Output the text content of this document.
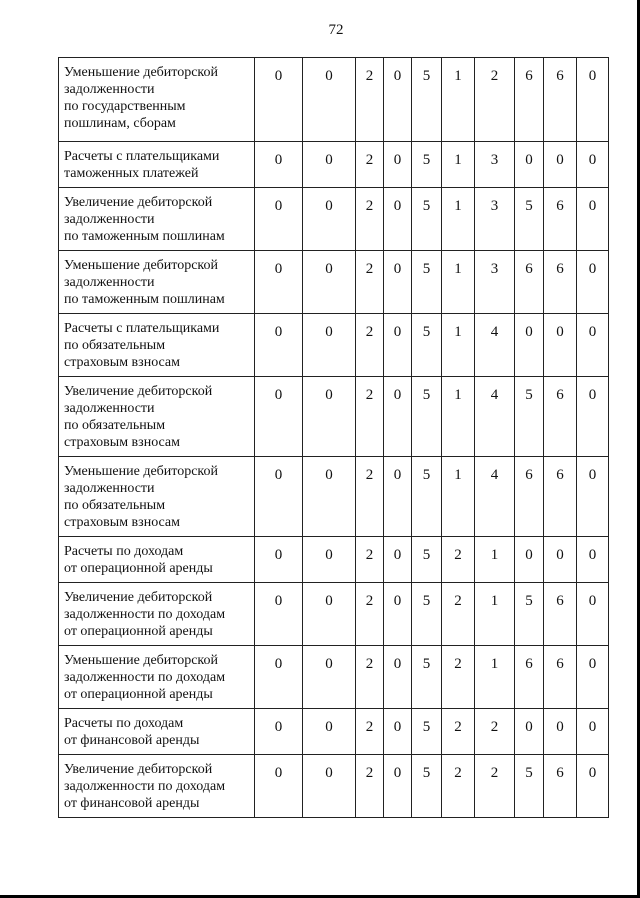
72
Уменьшение дебиторской
задолженности
по государственным
пошлинам, сборам	0	0	2	0	5	1	2	6	6	0

Расчеты с плательщиками
таможенных платежей	0	0	2	0	5	1	3	0	0	0

Увеличение дебиторской
задолженности
по таможенным пошлинам	0	0	2	0	5	1	3	5	6	0

Уменьшение дебиторской
задолженности
по таможенным пошлинам	0	0	2	0	5	1	3	6	6	0

Расчеты с плательщиками
по обязательным
страховым взносам	0	0	2	0	5	1	4	0	0	0

Увеличение дебиторской
задолженности
по обязательным
страховым взносам	0	0	2	0	5	1	4	5	6	0

Уменьшение дебиторской
задолженности
по обязательным
страховым взносам	0	0	2	0	5	1	4	6	6	0

Расчеты по доходам
от операционной аренды	0	0	2	0	5	2	1	0	0	0

Увеличение дебиторской
задолженности по доходам
от операционной аренды	0	0	2	0	5	2	1	5	6	0

Уменьшение дебиторской
задолженности по доходам
от операционной аренды	0	0	2	0	5	2	1	6	6	0

Расчеты по доходам
от финансовой аренды	0	0	2	0	5	2	2	0	0	0

Увеличение дебиторской
задолженности по доходам
от финансовой аренды	0	0	2	0	5	2	2	5	6	0
